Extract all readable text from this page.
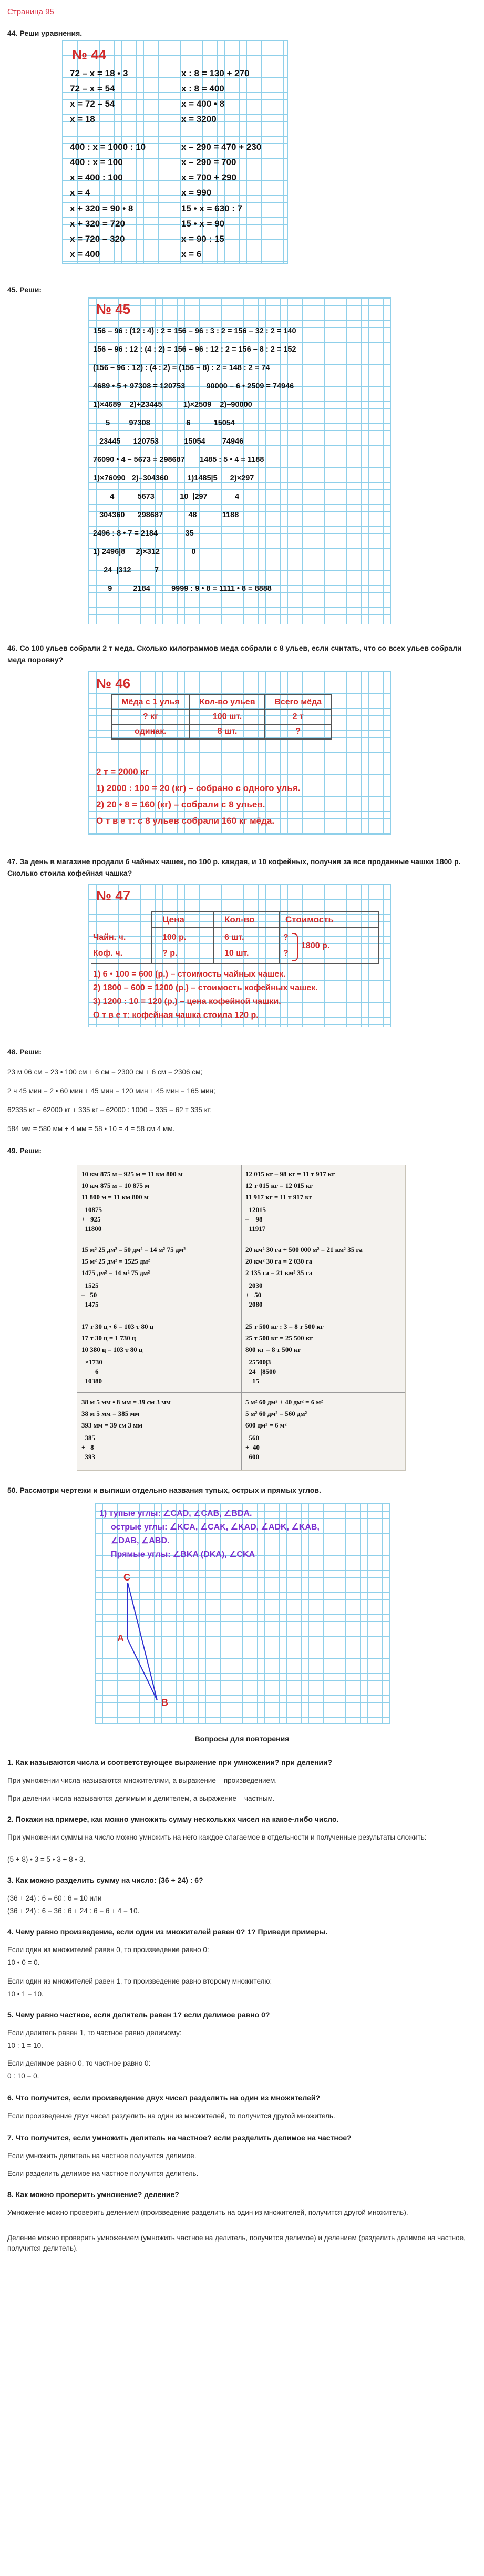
Страница 95
44. Реши уравнения.
№ 44
72 – x = 18 • 3
72 – x = 54
x = 72 – 54
x = 18
400 : x = 1000 : 10
400 : x = 100
x = 400 : 100
x = 4
x + 320 = 90 • 8
x + 320 = 720
x = 720 – 320
x = 400
x : 8 = 130 + 270
x : 8 = 400
x = 400 • 8
x = 3200
x – 290 = 470 + 230
x – 290 = 700
x = 700 + 290
x = 990
15 • x = 630 : 7
15 • x = 90
x = 90 : 15
x = 6
45. Реши:
№ 45
156 – 96 : (12 : 4) : 2 = 156 – 96 : 3 : 2 = 156 – 32 : 2 = 140
156 – 96 : 12 : (4 : 2) = 156 – 96 : 12 : 2 = 156 – 8 : 2 = 152
(156 – 96 : 12) : (4 : 2) = (156 – 8) : 2 = 148 : 2 = 74
4689 • 5 + 97308 = 120753          90000 – 6 • 2509 = 74946
1)×4689    2)+23445          1)×2509    2)–90000
5         97308                 6           15054
23445      120753            15054        74946
76090 • 4 – 5673 = 298687       1485 : 5 • 4 = 1188
1)×76090   2)–304360         1)1485|5      2)×297
4           5673            10  |297             4
304360      298687            48            1188
2496 : 8 • 7 = 2184             35
1) 2496|8     2)×312               0
24  |312           7
9          2184          9999 : 9 • 8 = 1111 • 8 = 8888
46. Со 100 ульев собрали 2 т меда. Сколько килограммов меда собрали с 8 ульев, если считать, что со всех ульев собрали меда поровну?
№ 46
Мёда с 1 улья	Кол-во ульев	Всего мёда
? кг	100 шт.	2 т
одинак.	8 шт.	?
2 т = 2000 кг
1) 2000 : 100 = 20 (кг) – собрано с одного улья.
2) 20 • 8 = 160 (кг) – собрали с 8 ульев.
О т в е т: с 8 ульев собрали 160 кг мёда.
47. За день в магазине продали 6 чайных чашек, по 100 р. каждая, и 10 кофейных, получив за все проданные чашки 1800 р. Сколько стоила кофейная чашка?
№ 47
Цена	Кол-во	Стоимость
Чайн. ч.	100 р.	6 шт.	?
Коф. ч.	? р.	10 шт.	?
1800 р.
1) 6 • 100 = 600 (р.) – стоимость чайных чашек.
2) 1800 – 600 = 1200 (р.) – стоимость кофейных чашек.
3) 1200 : 10 = 120 (р.) – цена кофейной чашки.
О т в е т: кофейная чашка стоила 120 р.
48. Реши:
23 м 06 см = 23 • 100 см + 6 см = 2300 см + 6 см = 2306 см;
2 ч 45 мин = 2 • 60 мин + 45 мин = 120 мин + 45 мин = 165 мин;
62335 кг = 62000 кг + 335 кг = 62000 : 1000 = 335 = 62 т 335 кг;
584 мм = 580 мм + 4 мм = 58 • 10 = 4 = 58 см 4 мм.
49. Реши:
10 км 875 м – 925 м = 11 км 800 м
10 км 875 м = 10 875 м
11 800 м = 11 км 800 м
10875
+   925
11800
15 м² 25 дм² – 50 дм² = 14 м² 75 дм²
15 м² 25 дм² = 1525 дм²
1475 дм² = 14 м² 75 дм²
1525
–   50
1475
17 т 30 ц • 6 = 103 т 80 ц
17 т 30 ц = 1 730 ц
10 380 ц = 103 т 80 ц
×1730
6
10380
38 м 5 мм • 8 мм = 39 см 3 мм
38 м 5 мм = 385 мм
393 мм = 39 см 3 мм
385
+   8
393
12 015 кг – 98 кг = 11 т 917 кг
12 т 015 кг = 12 015 кг
11 917 кг = 11 т 917 кг
12015
–    98
11917
20 км² 30 га + 500 000 м² = 21 км² 35 га
20 км² 30 га = 2 030 га
2 135 га = 21 км² 35 га
2030
+   50
2080
25 т 500 кг : 3 = 8 т 500 кг
25 т 500 кг = 25 500 кг
800 кг = 8 т 500 кг
25500|3
24   |8500
15
5 м² 60 дм² + 40 дм² = 6 м²
5 м² 60 дм² = 560 дм²
600 дм² = 6 м²
560
+  40
600
50. Рассмотри чертежи и выпиши отдельно названия тупых, острых и прямых углов.
1) тупые углы: ∠CAD, ∠CAB, ∠BDA.
острые углы: ∠KCA, ∠CAK, ∠KAD, ∠ADK, ∠KAB,
∠DAB, ∠ABD.
Прямые углы: ∠BKA (DKA), ∠CKA
C
A
B
Вопросы для повторения
1. Как называются числа и соответствующее выражение при умножении? при делении?
При умножении числа называются множителями, а выражение – произведением.
При делении числа называются делимым и делителем, а выражение – частным.
2. Покажи на примере, как можно умножить сумму нескольких чисел на какое-либо число.
При умножении суммы на число можно умножить на него каждое слагаемое в отдельности и полученные результаты сложить:
(5 + 8) • 3 = 5 • 3 + 8 • 3.
3. Как можно разделить сумму на число: (36 + 24) : 6?
(36 + 24) : 6 = 60 : 6 = 10 или
(36 + 24) : 6 = 36 : 6 + 24 : 6 = 6 + 4 = 10.
4. Чему равно произведение, если один из множителей равен 0? 1? Приведи примеры.
Если один из множителей равен 0, то произведение равно 0:
10 • 0 = 0.
Если один из множителей равен 1, то произведение равно второму множителю:
10 • 1 = 10.
5. Чему равно частное, если делитель равен 1? если делимое равно 0?
Если делитель равен 1, то частное равно делимому:
10 : 1 = 10.
Если делимое равно 0, то частное равно 0:
0 : 10 = 0.
6. Что получится, если произведение двух чисел разделить на один из множителей?
Если произведение двух чисел разделить на один из множителей, то получится другой множитель.
7. Что получится, если умножить делитель на частное? если разделить делимое на частное?
Если умножить делитель на частное получится делимое.
Если разделить делимое на частное получится делитель.
8. Как можно проверить умножение? деление?
Умножение можно проверить делением (произведение разделить на один из множителей, получится другой множитель).
Деление можно проверить умножением (умножить частное на делитель, получится делимое) и делением (разделить делимое на частное, получится делитель).
